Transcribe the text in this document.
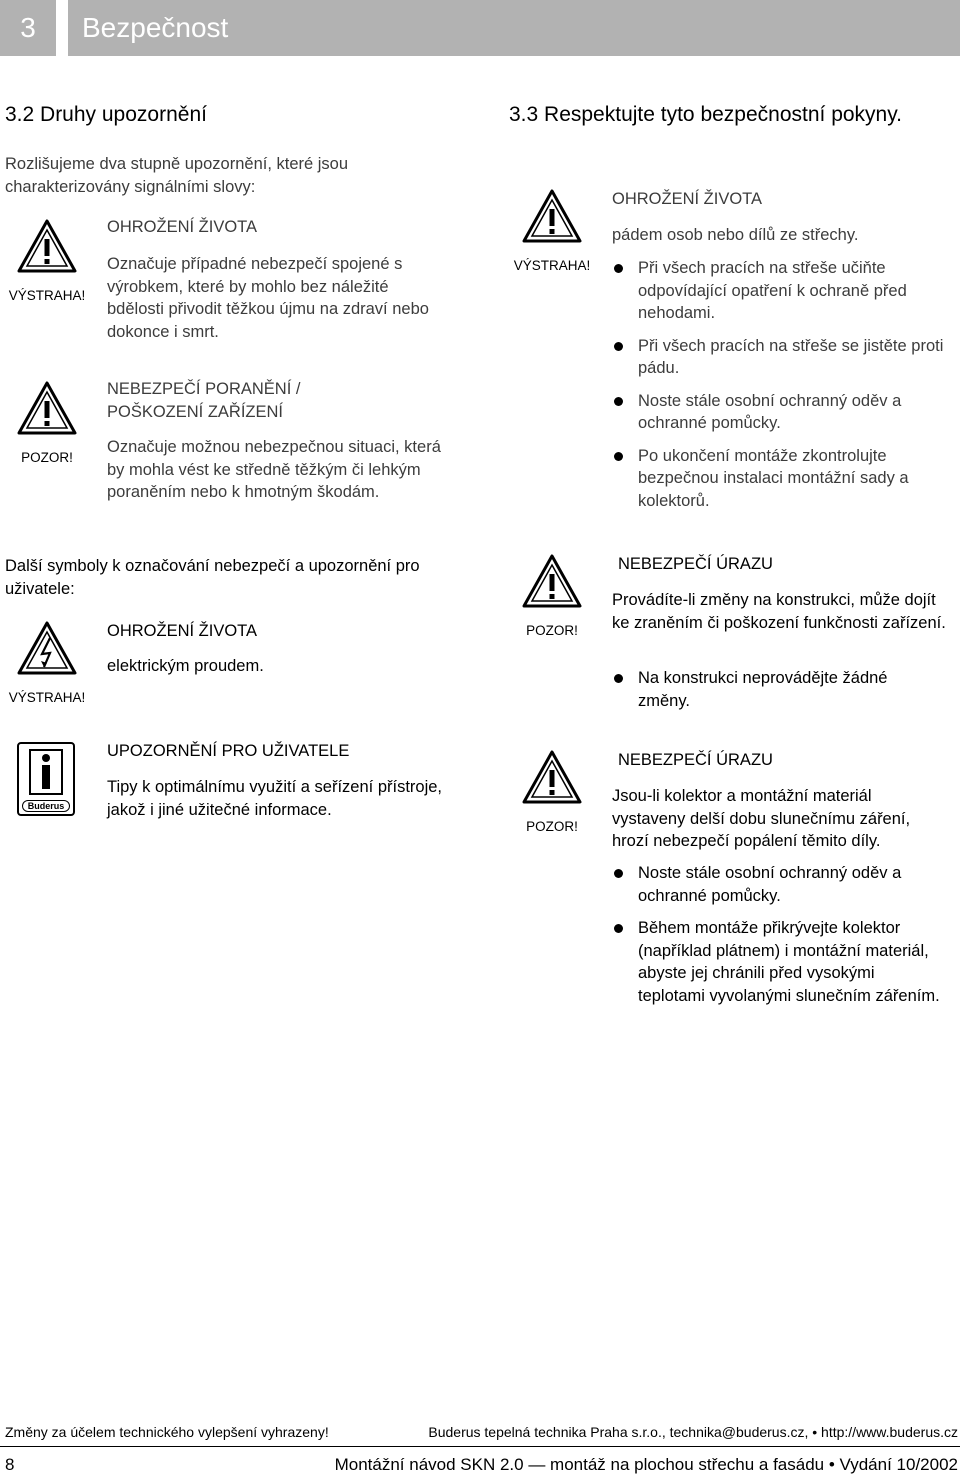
3	Bezpečnost
3.2 Druhy upozornění
Rozlišujeme dva stupně upozornění, které jsou charakterizovány signálními slovy:
VÝSTRAHA!
OHROŽENÍ ŽIVOTA
Označuje případné nebezpečí spojené s výrobkem, které by mohlo bez náležité bdělosti přivodit těžkou újmu na zdraví nebo dokonce i smrt.
POZOR!
NEBEZPEČÍ PORANĚNÍ /
POŠKOZENÍ ZAŘÍZENÍ
Označuje možnou nebezpečnou situaci, která by mohla vést ke středně těžkým či lehkým poraněním nebo k hmotným škodám.
Další symboly k označování nebezpečí a upozornění pro uživatele:
VÝSTRAHA!
OHROŽENÍ ŽIVOTA
elektrickým proudem.
Buderus
UPOZORNĚNÍ PRO UŽIVATELE
Tipy k optimálnímu využití a seřízení přístroje, jakož i jiné užitečné informace.
3.3 Respektujte tyto bezpečnostní pokyny.
VÝSTRAHA!
OHROŽENÍ ŽIVOTA
pádem osob nebo dílů ze střechy.
Při všech pracích na střeše učiňte odpovídající opatření k ochraně před nehodami.
Při všech pracích na střeše se jistěte proti pádu.
Noste stále osobní ochranný oděv a ochranné pomůcky.
Po ukončení montáže zkontrolujte bezpečnou instalaci montážní sady a kolektorů.
POZOR!
NEBEZPEČÍ ÚRAZU
Provádíte-li změny na konstrukci, může dojít ke zraněním či poškození funkčnosti zařízení.
Na konstrukci neprovádějte žádné změny.
POZOR!
NEBEZPEČÍ ÚRAZU
Jsou-li kolektor a montážní materiál vystaveny delší dobu slunečnímu záření, hrozí nebezpečí popálení těmito díly.
Noste stále osobní ochranný oděv a ochranné pomůcky.
Během montáže přikrývejte kolektor (například plátnem) i montážní materiál, abyste jej chránili před vysokými teplotami vyvolanými slunečním zářením.
Změny za účelem technického vylepšení vyhrazeny!	Buderus tepelná technika Praha s.r.o., technika@buderus.cz, • http://www.buderus.cz
8	Montážní návod SKN 2.0 — montáž na plochou střechu a fasádu • Vydání 10/2002
